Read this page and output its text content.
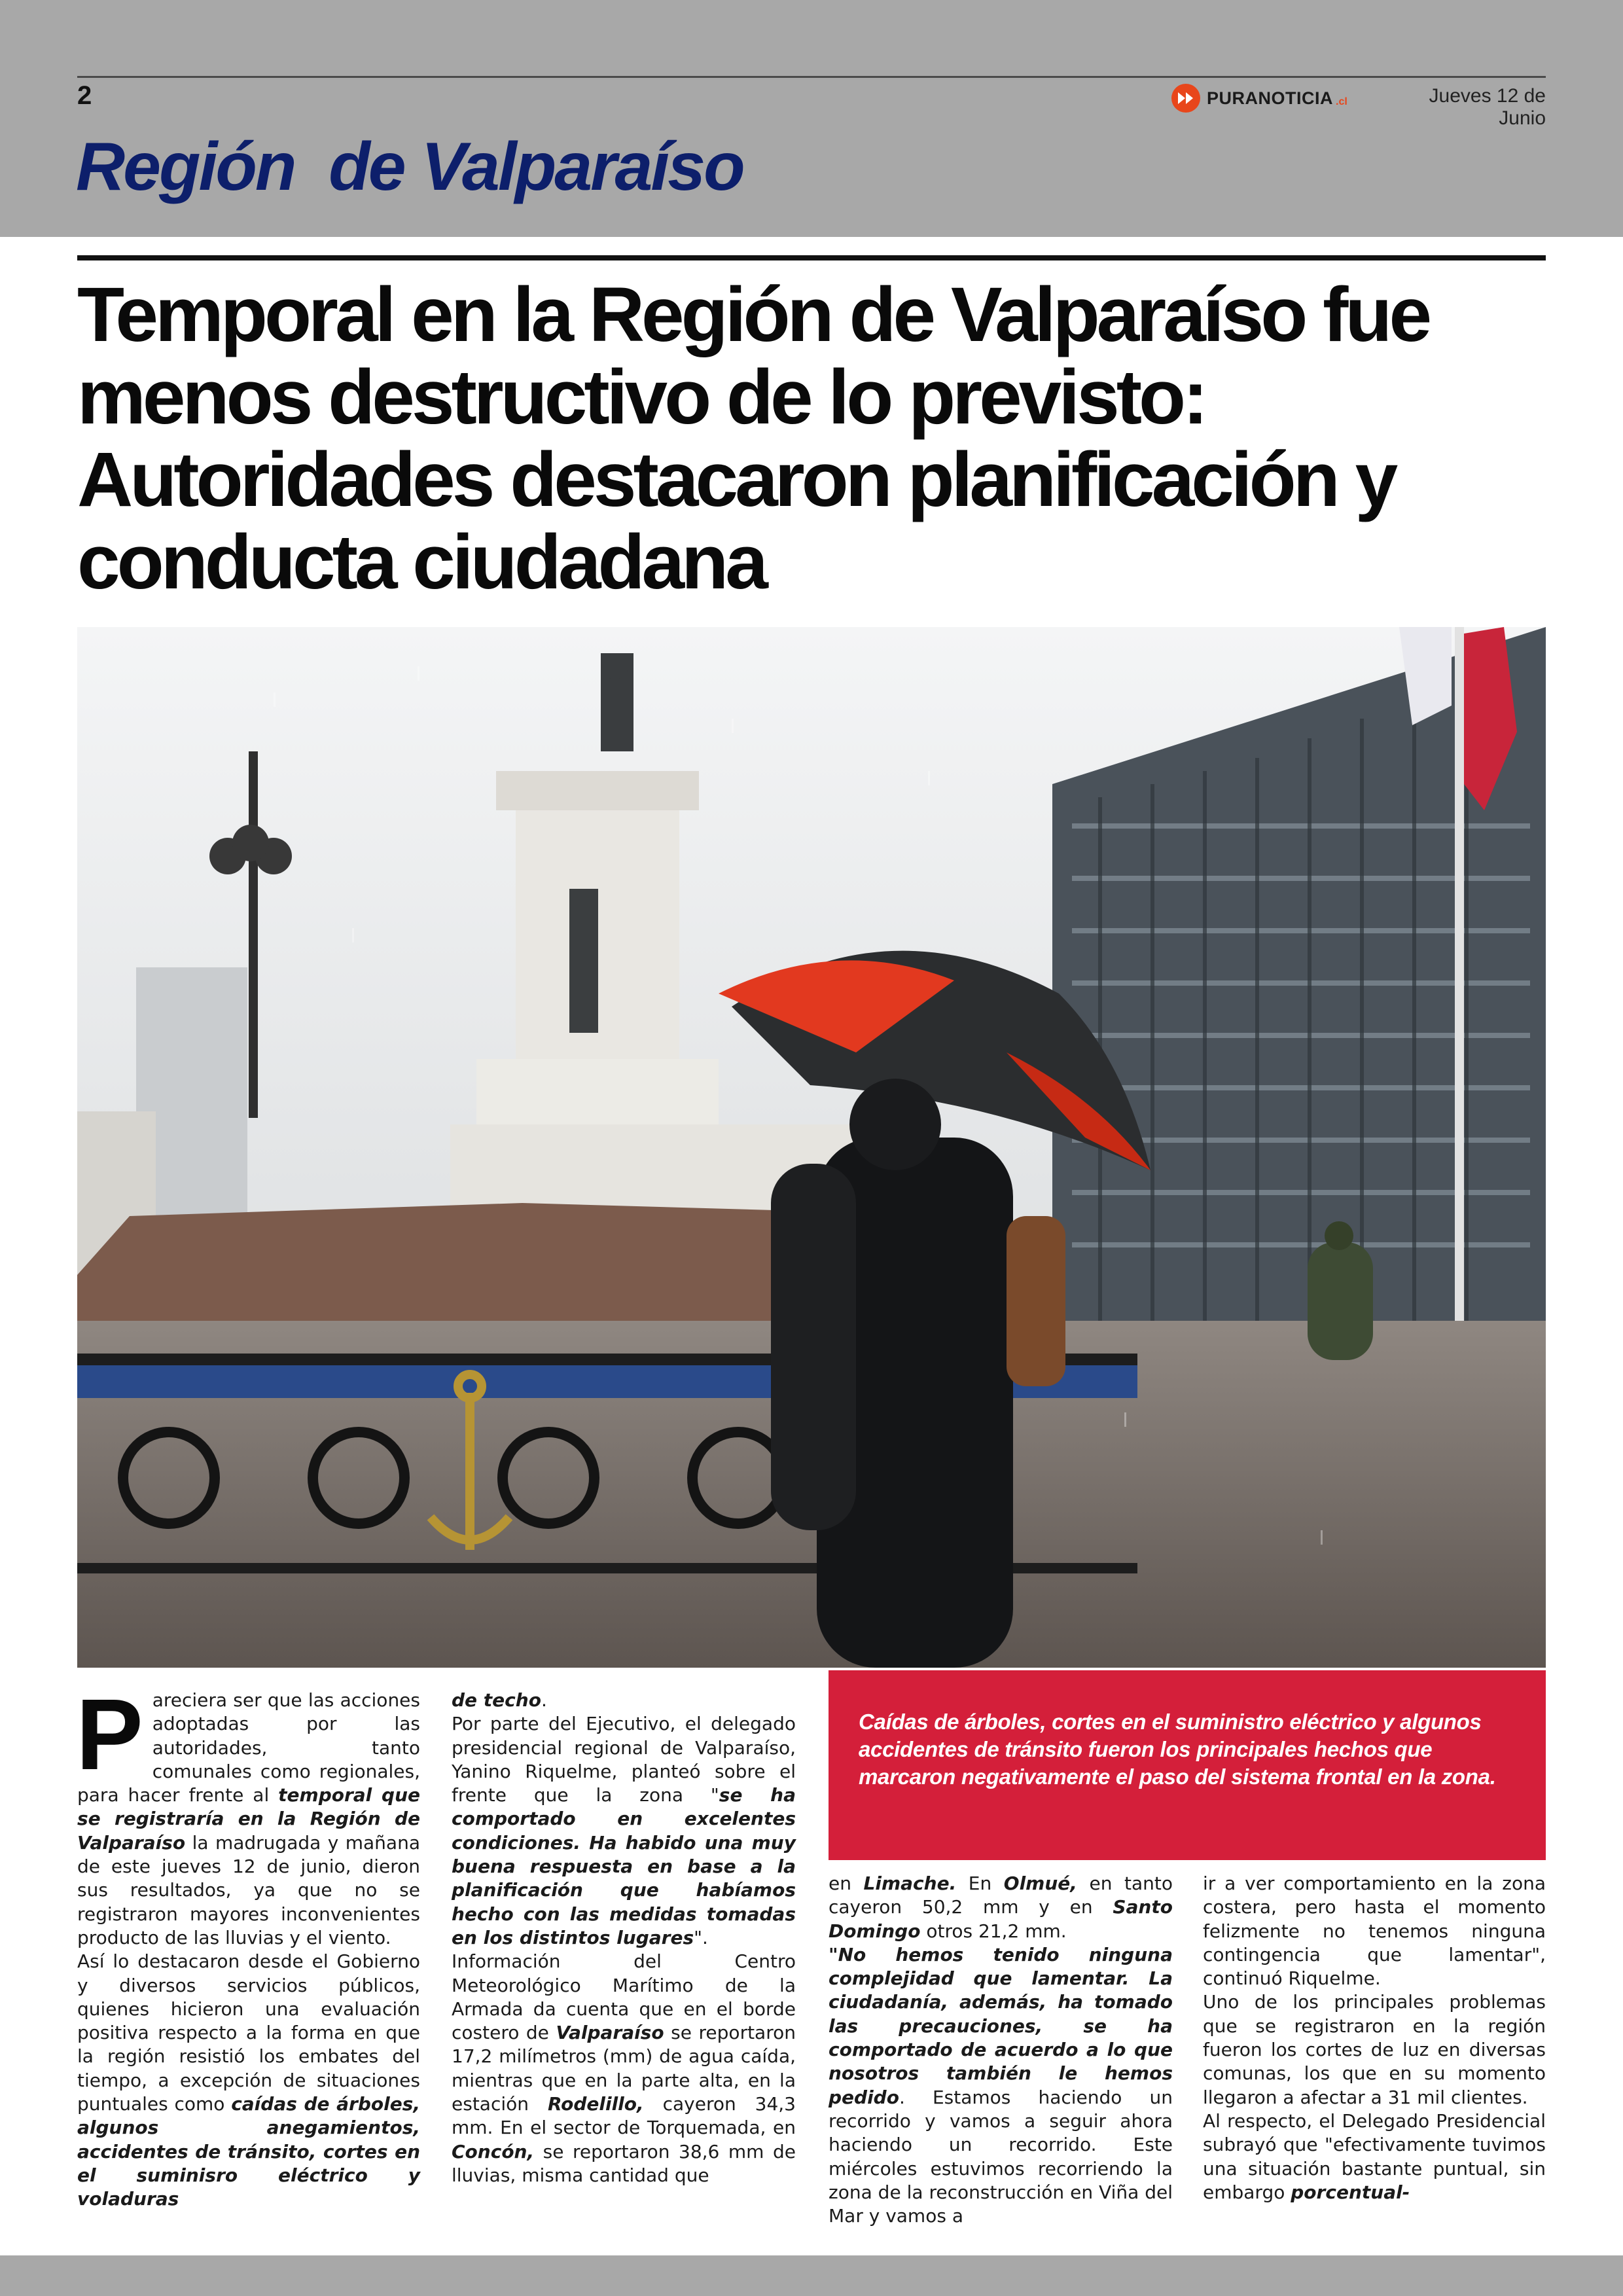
2	PURANOTICIA .cl	Jueves 12 de Junio
Región  de Valparaíso
Temporal en la Región de Valparaíso fue menos destructivo de lo previsto: Autoridades destacaron planificación y conducta ciudadana
P areciera ser que las acciones adoptadas por las autoridades, tanto comunales como regionales, para hacer frente al temporal que se registraría en la Región de Valparaíso la madrugada y mañana de este jueves 12 de junio, dieron sus resultados, ya que no se registraron mayores inconvenientes producto de las lluvias y el viento.

Así lo destacaron desde el Gobierno y diversos servicios públicos, quienes hicieron una evaluación positiva respecto a la forma en que la región resistió los embates del tiempo, a excepción de situaciones puntuales como caídas de árboles, algunos anegamientos, accidentes de tránsito, cortes en el suminisro eléctrico y voladuras

de techo.

Por parte del Ejecutivo, el delegado presidencial regional de Valparaíso, Yanino Riquelme, planteó sobre el frente que la zona "se ha comportado en excelentes condiciones. Ha habido una muy buena respuesta en base a la planificación que habíamos hecho con las medidas tomadas en los distintos lugares".

Información del Centro Meteorológico Marítimo de la Armada da cuenta que en el borde costero de Valparaíso se reportaron 17,2 milímetros (mm) de agua caída, mientras que en la parte alta, en la estación Rodelillo, cayeron 34,3 mm. En el sector de Torquemada, en Concón, se reportaron 38,6 mm de lluvias, misma cantidad que

Caídas de árboles, cortes en el suministro eléctrico y algunos accidentes de tránsito fueron los principales hechos que marcaron negativamente el paso del sistema frontal en la zona.

en Limache. En Olmué, en tanto cayeron 50,2 mm y en Santo Domingo otros 21,2 mm.

"No hemos tenido ninguna complejidad que lamentar. La ciudadanía, además, ha tomado las precauciones, se ha comportado de acuerdo a lo que nosotros también le hemos pedido. Estamos haciendo un recorrido y vamos a seguir ahora haciendo un recorrido. Este miércoles estuvimos recorriendo la zona de la reconstrucción en Viña del Mar y vamos a

ir a ver comportamiento en la zona costera, pero hasta el momento felizmente no tenemos ninguna contingencia que lamentar", continuó Riquelme.

Uno de los principales problemas que se registraron en la región fueron los cortes de luz en diversas comunas, los que en su momento llegaron a afectar a 31 mil clientes.

Al respecto, el Delegado Presidencial subrayó que "efectivamente tuvimos una situación bastante puntual, sin embargo porcentual-
